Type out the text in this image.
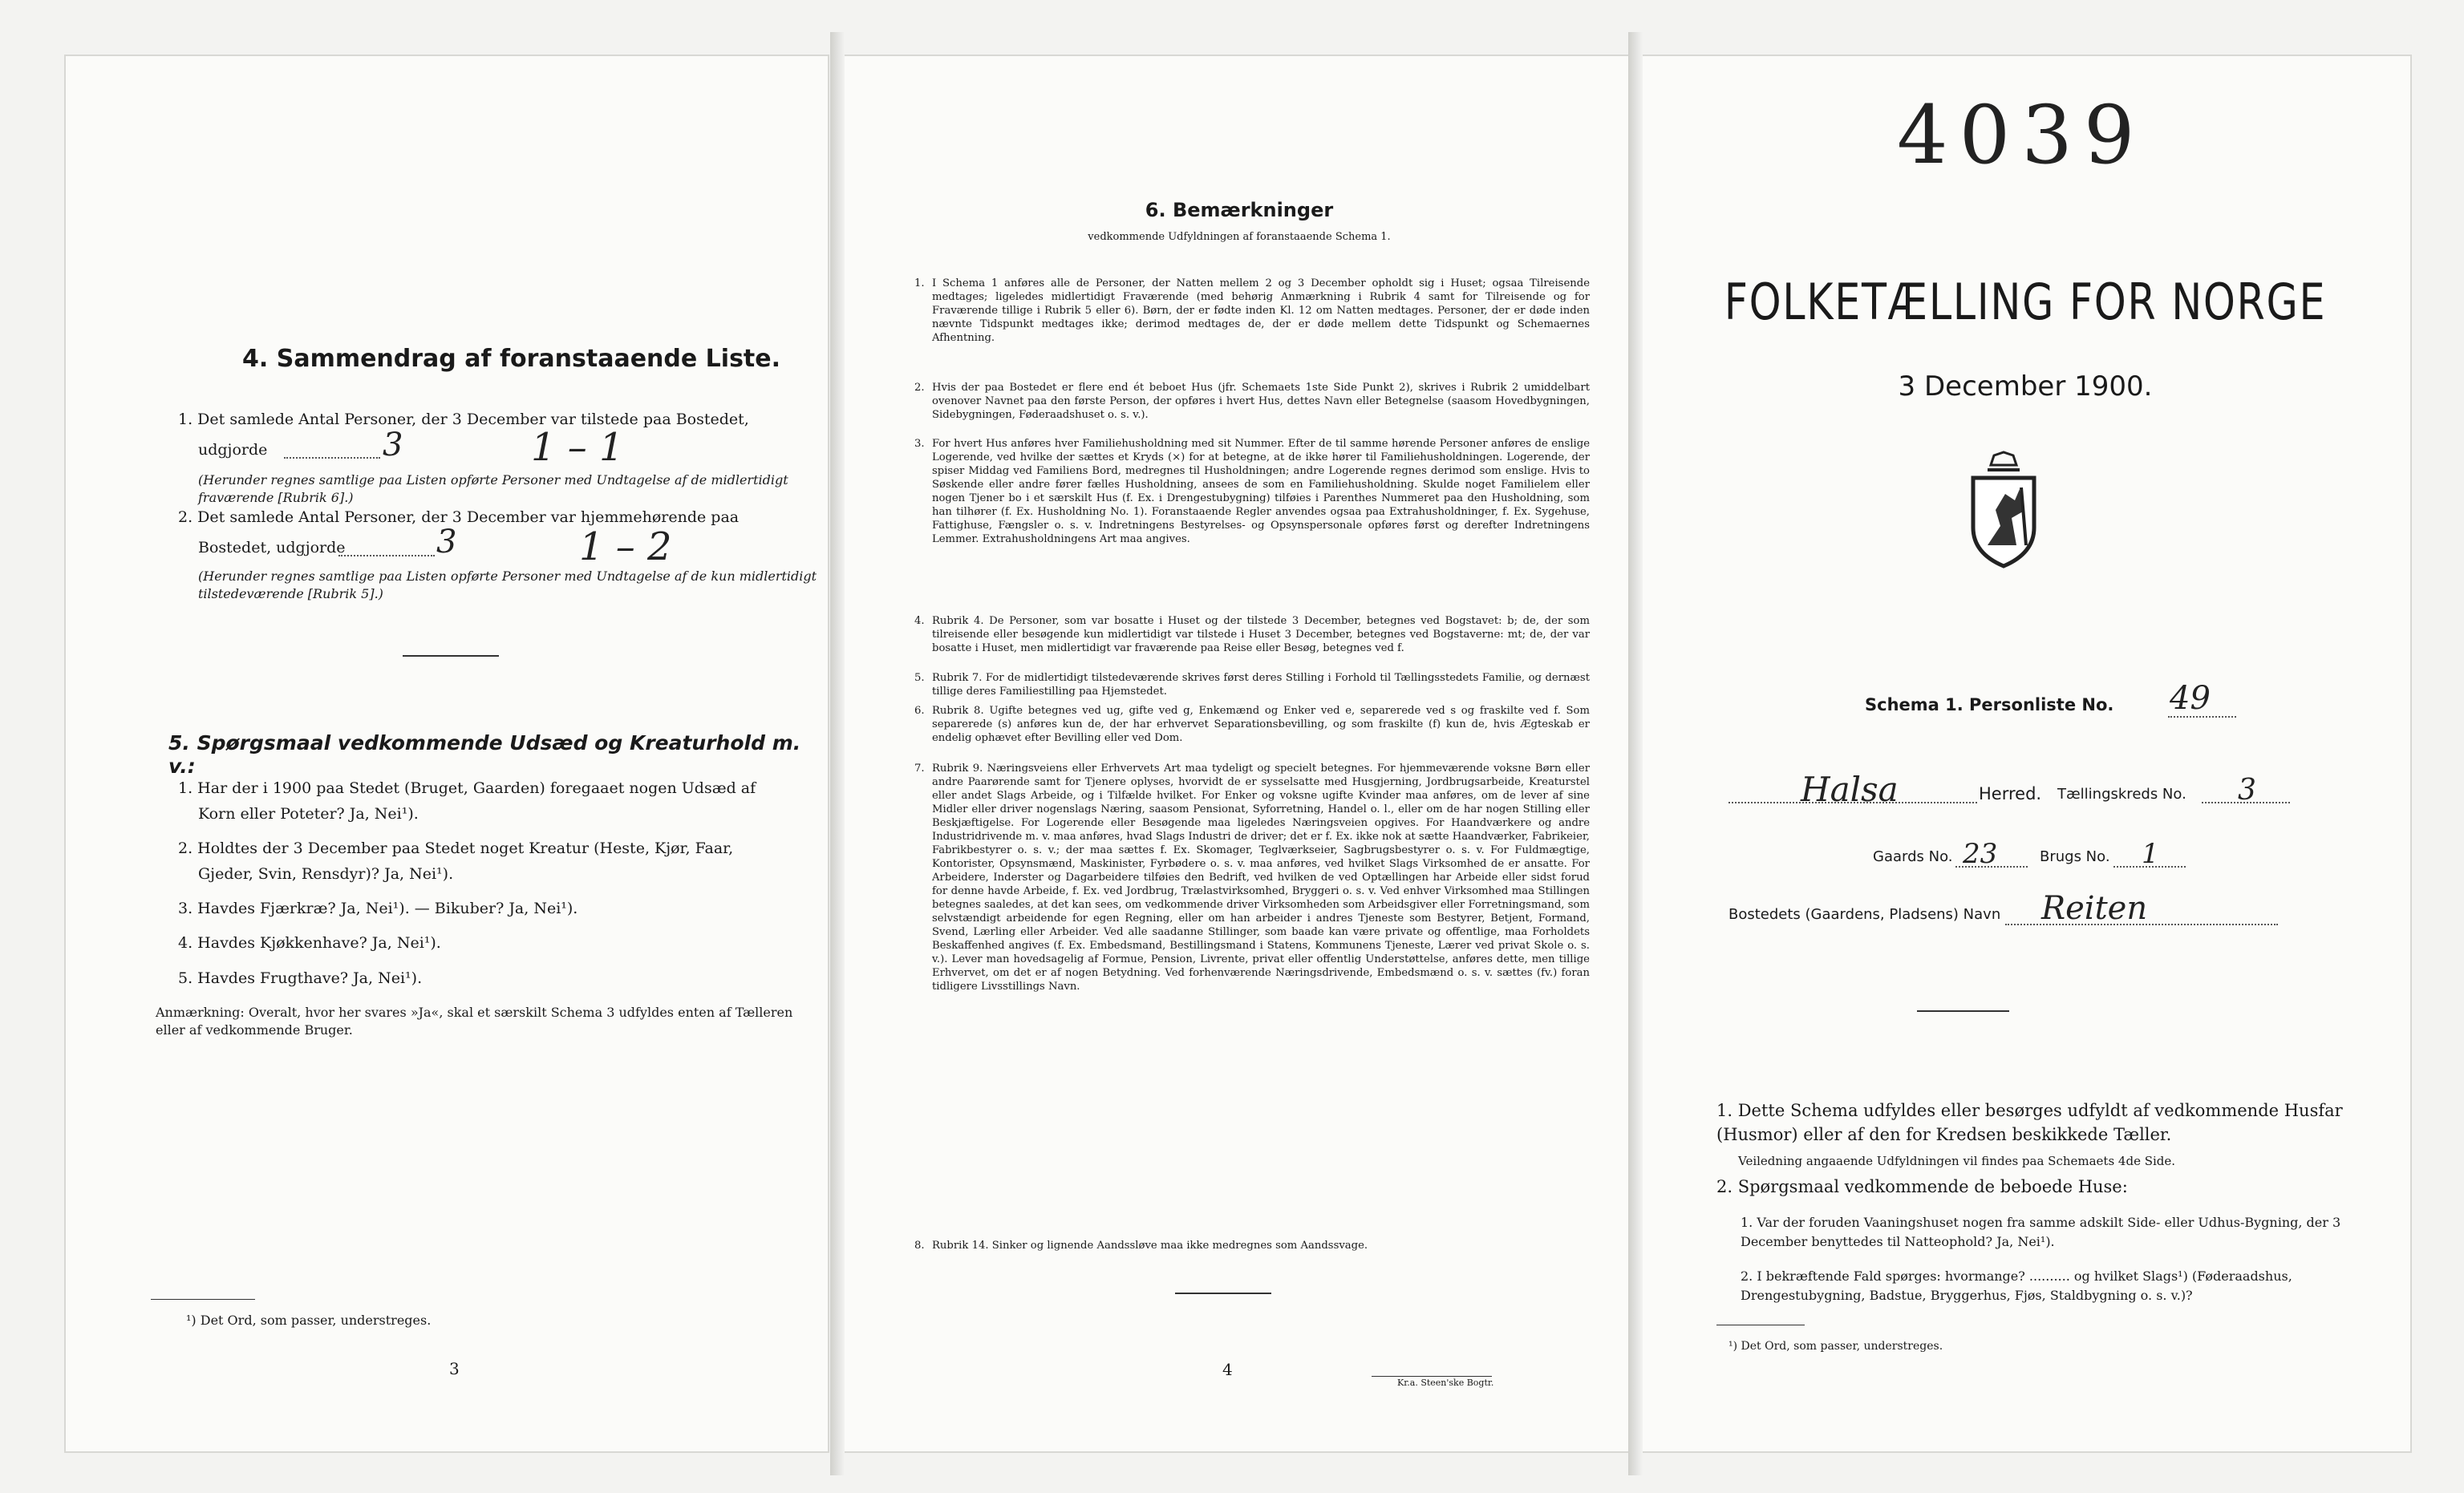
4. Sammendrag af foranstaaende Liste.
1. Det samlede Antal Personer, der 3 December var tilstede paa Bostedet,
udgjorde	3	1 – 1
(Herunder regnes samtlige paa Listen opførte Personer med Undtagelse af de midlertidigt fraværende [Rubrik 6].)
2. Det samlede Antal Personer, der 3 December var hjemmehørende paa
Bostedet, udgjorde	3	1 – 2
(Herunder regnes samtlige paa Listen opførte Personer med Undtagelse af de kun midlertidigt tilstedeværende [Rubrik 5].)
5. Spørgsmaal vedkommende Udsæd og Kreaturhold m. v.:
1. Har der i 1900 paa Stedet (Bruget, Gaarden) foregaaet nogen Udsæd af
Korn eller Poteter? Ja, Nei¹).
2. Holdtes der 3 December paa Stedet noget Kreatur (Heste, Kjør, Faar,
Gjeder, Svin, Rensdyr)? Ja, Nei¹).
3. Havdes Fjærkræ? Ja, Nei¹). — Bikuber? Ja, Nei¹).
4. Havdes Kjøkkenhave? Ja, Nei¹).
5. Havdes Frugthave? Ja, Nei¹).
Anmærkning: Overalt, hvor her svares »Ja«, skal et særskilt Schema 3 udfyldes enten af Tælleren eller af vedkommende Bruger.
¹) Det Ord, som passer, understreges.
3
6. Bemærkninger
vedkommende Udfyldningen af foranstaaende Schema 1.
1. I Schema 1 anføres alle de Personer, der Natten mellem 2 og 3 December opholdt sig i Huset; ogsaa Tilreisende medtages; ligeledes midlertidigt Fraværende (med behørig Anmærkning i Rubrik 4 samt for Tilreisende og for Fraværende tillige i Rubrik 5 eller 6). Børn, der er fødte inden Kl. 12 om Natten medtages. Personer, der er døde inden nævnte Tidspunkt medtages ikke; derimod medtages de, der er døde mellem dette Tidspunkt og Schemaernes Afhentning.
2. Hvis der paa Bostedet er flere end ét beboet Hus (jfr. Schemaets 1ste Side Punkt 2), skrives i Rubrik 2 umiddelbart ovenover Navnet paa den første Person, der opføres i hvert Hus, dettes Navn eller Betegnelse (saasom Hovedbygningen, Sidebygningen, Føderaadshuset o. s. v.).
3. For hvert Hus anføres hver Familiehusholdning med sit Nummer. Efter de til samme hørende Personer anføres de enslige Logerende, ved hvilke der sættes et Kryds (×) for at betegne, at de ikke hører til Familiehusholdningen. Logerende, der spiser Middag ved Familiens Bord, medregnes til Husholdningen; andre Logerende regnes derimod som enslige. Hvis to Søskende eller andre fører fælles Husholdning, ansees de som en Familiehusholdning. Skulde noget Familielem eller nogen Tjener bo i et særskilt Hus (f. Ex. i Drengestubygning) tilføies i Parenthes Nummeret paa den Husholdning, som han tilhører (f. Ex. Husholdning No. 1). Foranstaaende Regler anvendes ogsaa paa Extrahusholdninger, f. Ex. Sygehuse, Fattighuse, Fængsler o. s. v. Indretningens Bestyrelses- og Opsynspersonale opføres først og derefter Indretningens Lemmer. Extrahusholdningens Art maa angives.
4. Rubrik 4. De Personer, som var bosatte i Huset og der tilstede 3 December, betegnes ved Bogstavet: b; de, der som tilreisende eller besøgende kun midlertidigt var tilstede i Huset 3 December, betegnes ved Bogstaverne: mt; de, der var bosatte i Huset, men midlertidigt var fraværende paa Reise eller Besøg, betegnes ved f.
5. Rubrik 7. For de midlertidigt tilstedeværende skrives først deres Stilling i Forhold til Tællingsstedets Familie, og dernæst tillige deres Familiestilling paa Hjemstedet.
6. Rubrik 8. Ugifte betegnes ved ug, gifte ved g, Enkemænd og Enker ved e, separerede ved s og fraskilte ved f. Som separerede (s) anføres kun de, der har erhvervet Separationsbevilling, og som fraskilte (f) kun de, hvis Ægteskab er endelig ophævet efter Bevilling eller ved Dom.
7. Rubrik 9. Næringsveiens eller Erhvervets Art maa tydeligt og specielt betegnes. For hjemmeværende voksne Børn eller andre Paarørende samt for Tjenere oplyses, hvorvidt de er sysselsatte med Husgjerning, Jordbrugsarbeide, Kreaturstel eller andet Slags Arbeide, og i Tilfælde hvilket. For Enker og voksne ugifte Kvinder maa anføres, om de lever af sine Midler eller driver nogenslags Næring, saasom Pensionat, Syforretning, Handel o. l., eller om de har nogen Stilling eller Beskjæftigelse. For Logerende eller Besøgende maa ligeledes Næringsveien opgives. For Haandværkere og andre Industridrivende m. v. maa anføres, hvad Slags Industri de driver; det er f. Ex. ikke nok at sætte Haandværker, Fabrikeier, Fabrikbestyrer o. s. v.; der maa sættes f. Ex. Skomager, Teglværkseier, Sagbrugsbestyrer o. s. v. For Fuldmægtige, Kontorister, Opsynsmænd, Maskinister, Fyrbødere o. s. v. maa anføres, ved hvilket Slags Virksomhed de er ansatte. For Arbeidere, Inderster og Dagarbeidere tilføies den Bedrift, ved hvilken de ved Optællingen har Arbeide eller sidst forud for denne havde Arbeide, f. Ex. ved Jordbrug, Trælastvirksomhed, Bryggeri o. s. v. Ved enhver Virksomhed maa Stillingen betegnes saaledes, at det kan sees, om vedkommende driver Virksomheden som Arbeidsgiver eller Forretningsmand, som selvstændigt arbeidende for egen Regning, eller om han arbeider i andres Tjeneste som Bestyrer, Betjent, Formand, Svend, Lærling eller Arbeider. Ved alle saadanne Stillinger, som baade kan være private og offentlige, maa Forholdets Beskaffenhed angives (f. Ex. Embedsmand, Bestillingsmand i Statens, Kommunens Tjeneste, Lærer ved privat Skole o. s. v.). Lever man hovedsagelig af Formue, Pension, Livrente, privat eller offentlig Understøttelse, anføres dette, men tillige Erhvervet, om det er af nogen Betydning. Ved forhenværende Næringsdrivende, Embedsmænd o. s. v. sættes (fv.) foran tidligere Livsstillings Navn.
8. Rubrik 14. Sinker og lignende Aandssløve maa ikke medregnes som Aandssvage.
4
Kr.a. Steen'ske Bogtr.
4039
FOLKETÆLLING FOR NORGE
3 December 1900.
Schema 1. Personliste No. 49
Halsa	Herred. Tællingskreds No. 3
Gaards No. 23	Brugs No. 1
Bostedets (Gaardens, Pladsens) Navn Reiten
1. Dette Schema udfyldes eller besørges udfyldt af vedkommende Husfar (Husmor) eller af den for Kredsen beskikkede Tæller.
Veiledning angaaende Udfyldningen vil findes paa Schemaets 4de Side.
2. Spørgsmaal vedkommende de beboede Huse:
1. Var der foruden Vaaningshuset nogen fra samme adskilt Side- eller Udhus-Bygning, der 3 December benyttedes til Natteophold? Ja, Nei¹).
2. I bekræftende Fald spørges: hvormange? .......... og hvilket Slags¹) (Føderaadshus, Drengestubygning, Badstue, Bryggerhus, Fjøs, Staldbygning o. s. v.)?
¹) Det Ord, som passer, understreges.
